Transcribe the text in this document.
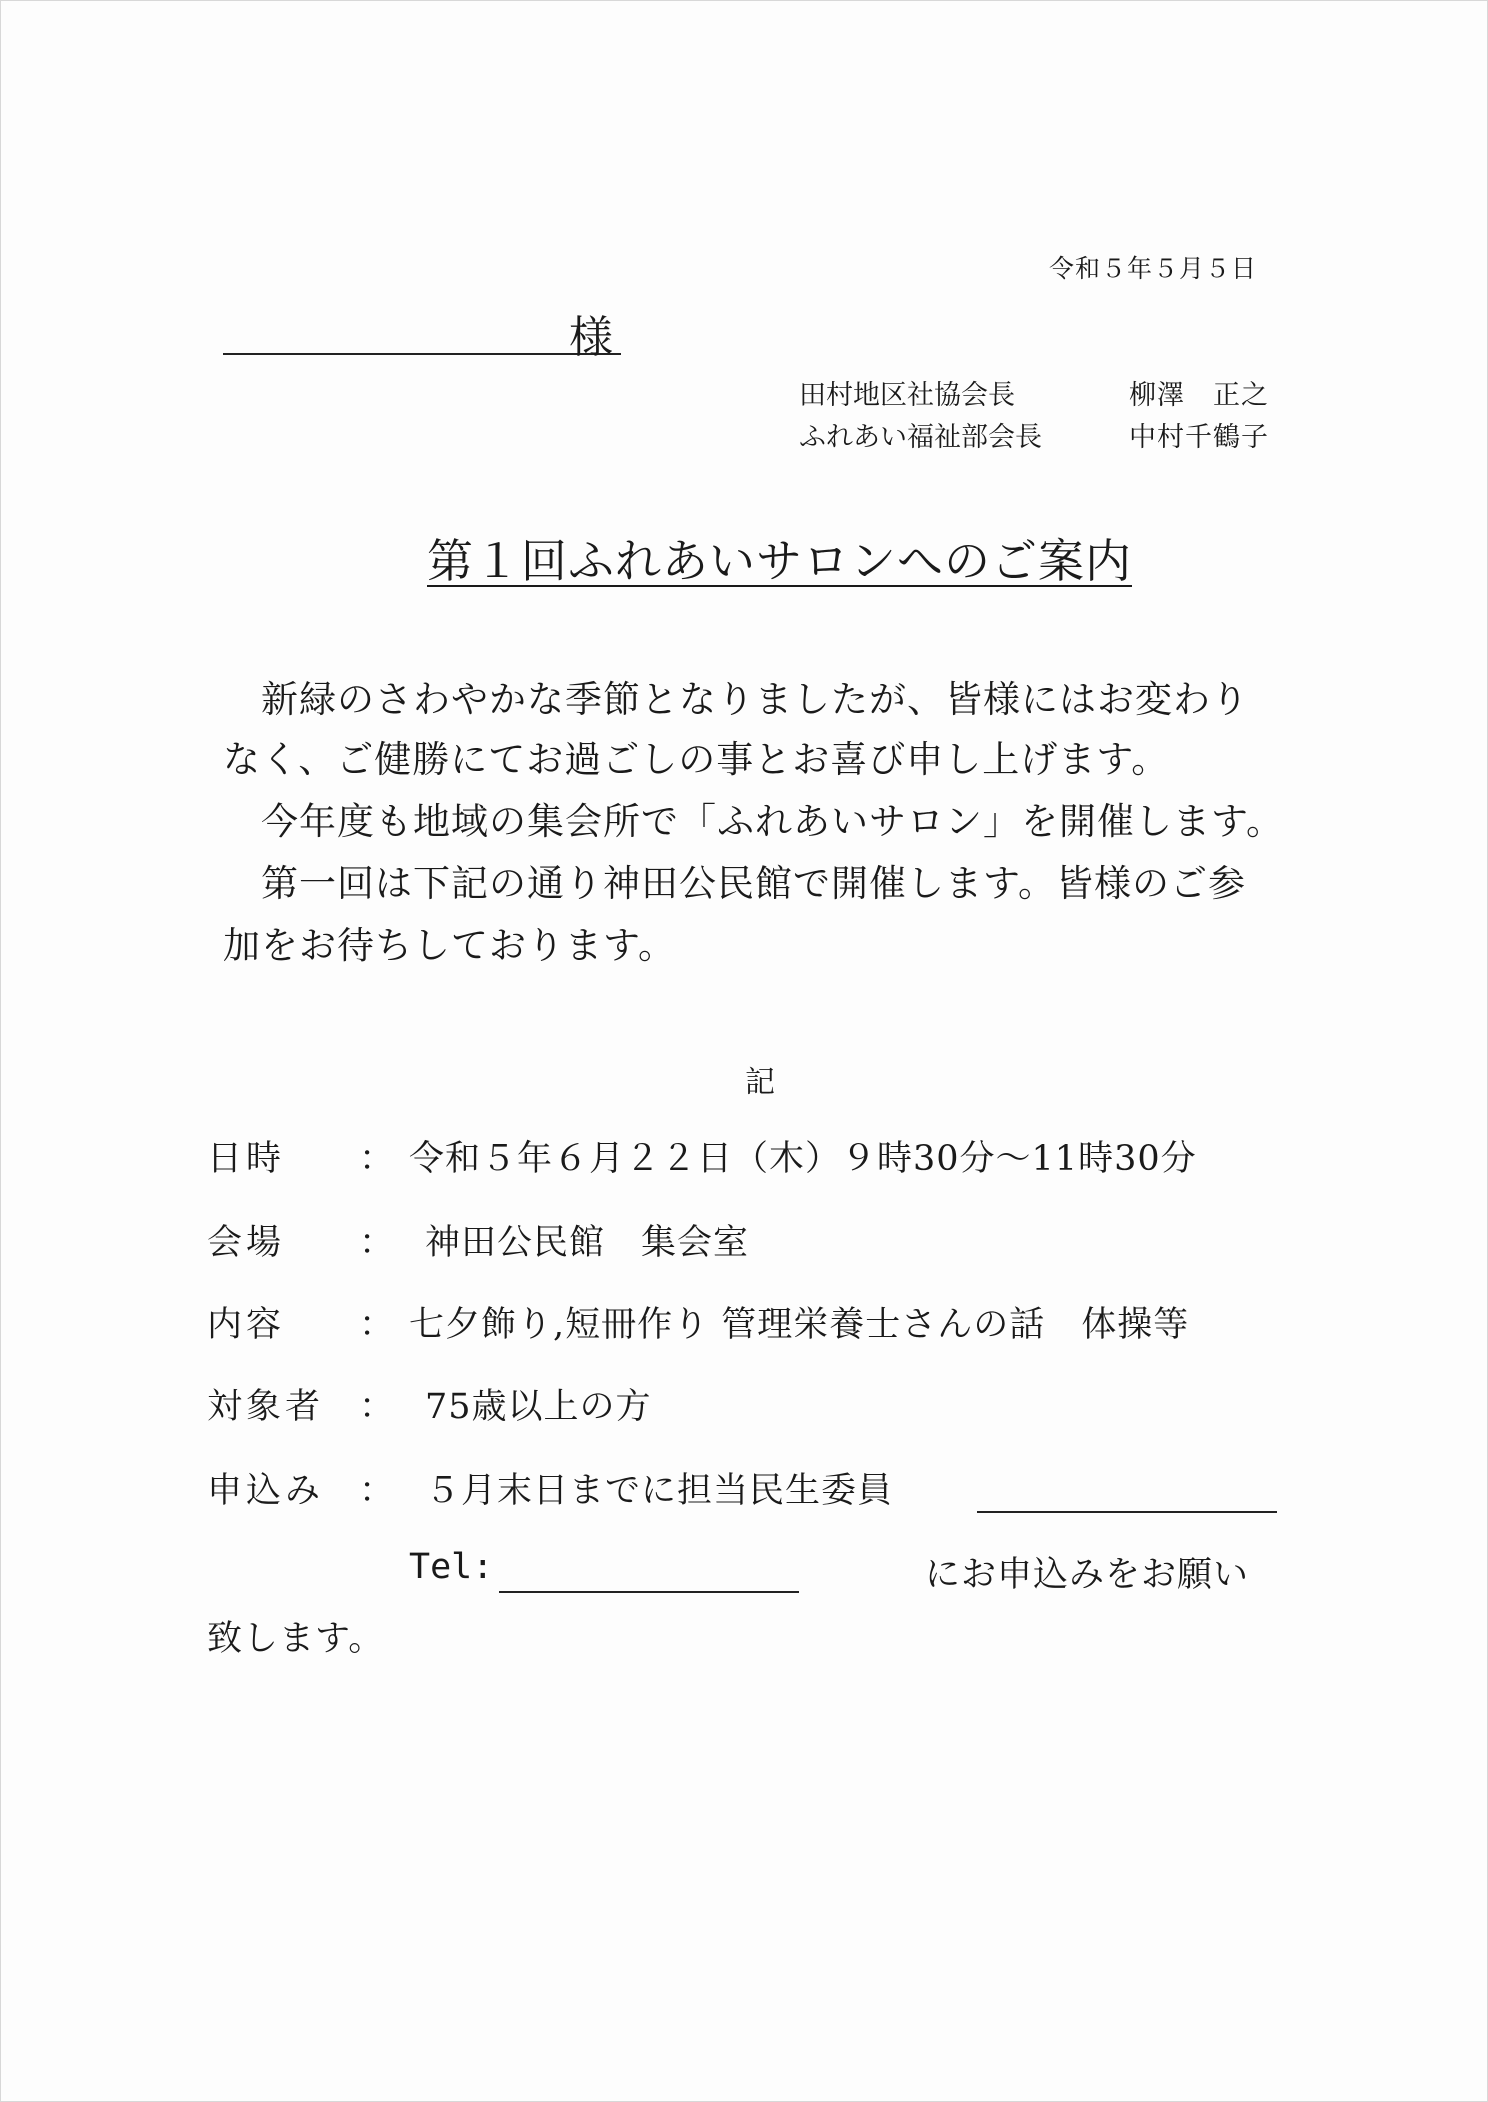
令和５年５月５日
様
田村地区社協会長	柳澤　正之
ふれあい福祉部会長	中村千鶴子
第１回ふれあいサロンへのご案内
　新緑のさわやかな季節となりましたが、皆様にはお変わり
なく、ご健勝にてお過ごしの事とお喜び申し上げます。
　今年度も地域の集会所で「ふれあいサロン」を開催します。
　第一回は下記の通り神田公民館で開催します。皆様のご参
加をお待ちしております。
記
日時 ： 令和５年６月２２日（木）９時30分～11時30分
会場 ： 神田公民館　集会室
内容 ： 七夕飾り,短冊作り 管理栄養士さんの話　体操等
対象者 ： 75歳以上の方
申込み ： ５月末日までに担当民生委員
Tel:	にお申込みをお願い
致します。
